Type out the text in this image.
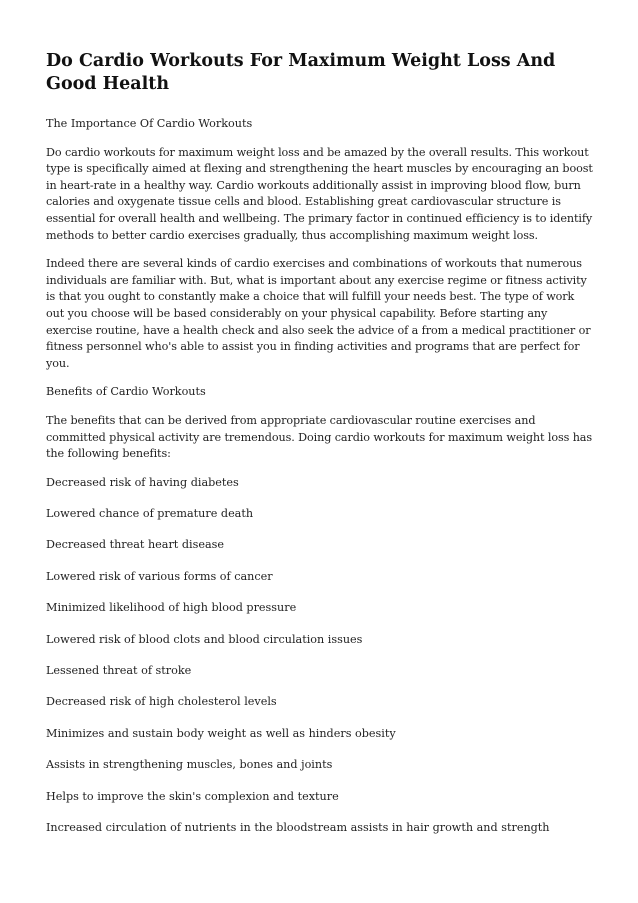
Do Cardio Workouts For Maximum Weight Loss And Good Health

The Importance Of Cardio Workouts

Do cardio workouts for maximum weight loss and be amazed by the overall results. This workout type is specifically aimed at flexing and strengthening the heart muscles by encouraging an boost in heart-rate in a healthy way. Cardio workouts additionally assist in improving blood flow, burn calories and oxygenate tissue cells and blood. Establishing great cardiovascular structure is essential for overall health and wellbeing. The primary factor in continued efficiency is to identify methods to better cardio exercises gradually, thus accomplishing maximum weight loss.

Indeed there are several kinds of cardio exercises and combinations of workouts that numerous individuals are familiar with. But, what is important about any exercise regime or fitness activity is that you ought to constantly make a choice that will fulfill your needs best. The type of work out you choose will be based considerably on your physical capability. Before starting any exercise routine, have a health check and also seek the advice of a from a medical practitioner or fitness personnel who's able to assist you in finding activities and programs that are perfect for you.

Benefits of Cardio Workouts

The benefits that can be derived from appropriate cardiovascular routine exercises and committed physical activity are tremendous. Doing cardio workouts for maximum weight loss has the following benefits:

Decreased risk of having diabetes
Lowered chance of premature death
Decreased threat heart disease
Lowered risk of various forms of cancer
Minimized likelihood of high blood pressure
Lowered risk of blood clots and blood circulation issues
Lessened threat of stroke
Decreased risk of high cholesterol levels
Minimizes and sustain body weight as well as hinders obesity
Assists in strengthening muscles, bones and joints
Helps to improve the skin's complexion and texture
Increased circulation of nutrients in the bloodstream assists in hair growth and strength
